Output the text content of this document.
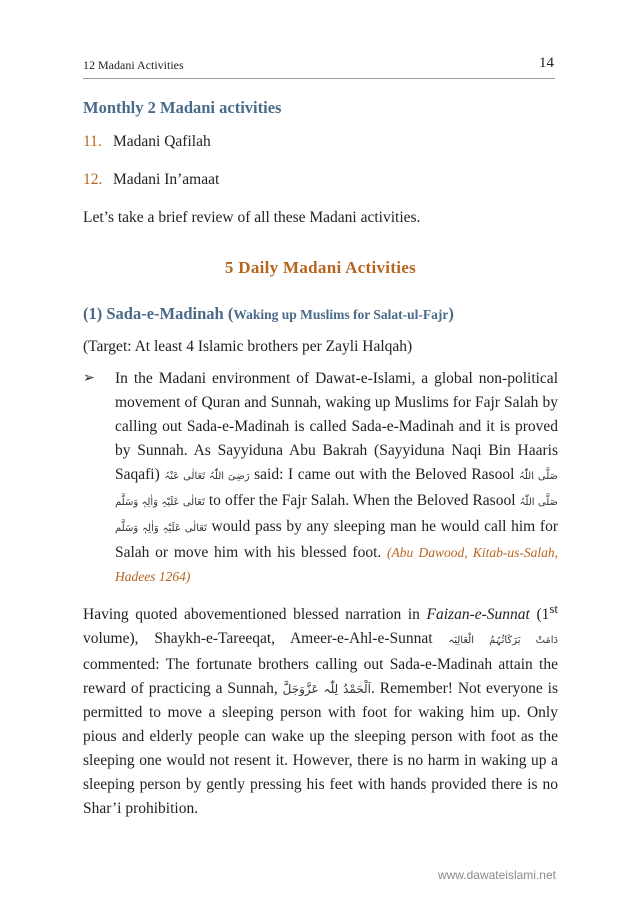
12 Madani Activities	14
Monthly 2 Madani activities
11. Madani Qafilah
12. Madani In’amaat
Let’s take a brief review of all these Madani activities.
5 Daily Madani Activities
(1) Sada-e-Madinah (Waking up Muslims for Salat-ul-Fajr)
(Target: At least 4 Islamic brothers per Zayli Halqah)
➢	In the Madani environment of Dawat-e-Islami, a global non-political movement of Quran and Sunnah, waking up Muslims for Fajr Salah by calling out Sada-e-Madinah is called Sada-e-Madinah and it is proved by Sunnah. As Sayyiduna Abu Bakrah (Sayyiduna Naqi Bin Haaris Saqafi) رَضِیَ اللّٰہُ تَعَالٰی عَنْہُ said: I came out with the Beloved Rasool صَلَّی اللّٰہُ تَعَالٰی عَلَیْہِ وَاٰلِہٖ وَسَلَّم to offer the Fajr Salah. When the Beloved Rasool صَلَّی اللّٰہُ تَعَالٰی عَلَیْہِ وَاٰلِہٖ وَسَلَّم would pass by any sleeping man he would call him for Salah or move him with his blessed foot. (Abu Dawood, Kitab-us-Salah, Hadees 1264)
Having quoted abovementioned blessed narration in Faizan-e-Sunnat (1st volume), Shaykh-e-Tareeqat, Ameer-e-Ahl-e-Sunnat دَامَتْ بَرَکَاتُہُمُ الْعَالِیَہ commented: The fortunate brothers calling out Sada-e-Madinah attain the reward of practicing a Sunnah, اَلْحَمْدُ لِلّٰہ عَزَّوَجَلَّ. Remember! Not everyone is permitted to move a sleeping person with foot for waking him up. Only pious and elderly people can wake up the sleeping person with foot as the sleeping one would not resent it. However, there is no harm in waking up a sleeping person by gently pressing his feet with hands provided there is no Shar’i prohibition.
www.dawateislami.net
